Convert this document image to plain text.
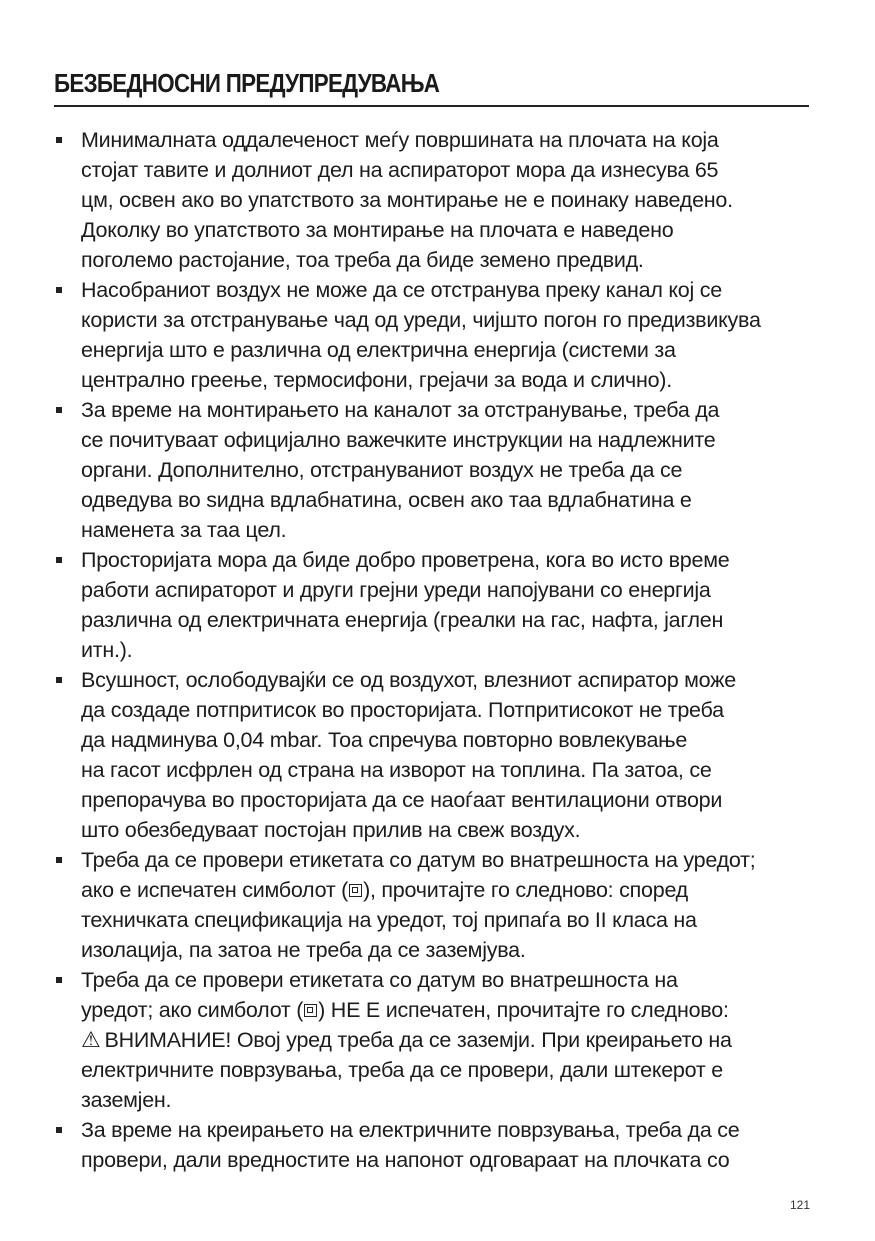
БЕЗБЕДНОСНИ ПРЕДУПРЕДУВАЊА
Минималната оддалеченост меѓу површината на плочата на која
стојат тавите и долниот дел на аспираторот мора да изнесува 65
цм, освен ако во упатството за монтирање не е поинаку наведено.
Доколку во упатството за монтирање на плочата е наведено
поголемо растојание, тоа треба да биде земено предвид.
Насобраниот воздух не може да се отстранува преку канал кој се
користи за отстранување чад од уреди, чијшто погон го предизвикува
енергија што е различна од електрична енергија (системи за
централно греење, термосифони, грејачи за вода и слично).
За време на монтирањето на каналот за отстранување, треба да
се почитуваат официјално важечките инструкции на надлежните
органи. Дополнително, отстрануваниот воздух не треба да се
одведува во ѕидна вдлабнатина, освен ако таа вдлабнатина е
наменета за таа цел.
Просторијата мора да биде добро проветрена, кога во исто време
работи аспираторот и други грејни уреди напојувани со енергија
различна од електричната енергија (греалки на гас, нафта, јаглен
итн.).
Всушност, ослободувајќи се од воздухот, влезниот аспиратор може
да создаде потпритисок во просторијата. Потпритисокот не треба
да надминува 0,04 mbar. Тоа спречува повторно вовлекување
на гасот исфрлен од страна на изворот на топлина. Па затоа, се
препорачува во просторијата да се наоѓаат вентилациони отвори
што обезбедуваат постојан прилив на свеж воздух.
Треба да се провери етикетата со датум во внатрешноста на уредот;
ако е испечатен симболот ( ), прочитајте го следново: според
техничката спецификација на уредот, тој припаѓа во II класа на
изолација, па затоа не треба да се заземјува.
Треба да се провери етикетата со датум во внатрешноста на
уредот; ако симболот ( ) НЕ Е испечатен, прочитајте го следново:
⚠ ВНИМАНИЕ! Овој уред треба да се заземји. При креирањето на
електричните поврзувања, треба да се провери, дали штекерот е
заземјен.
За време на креирањето на електричните поврзувања, треба да се
провери, дали вредностите на напонот одговараат на плочката со
121
